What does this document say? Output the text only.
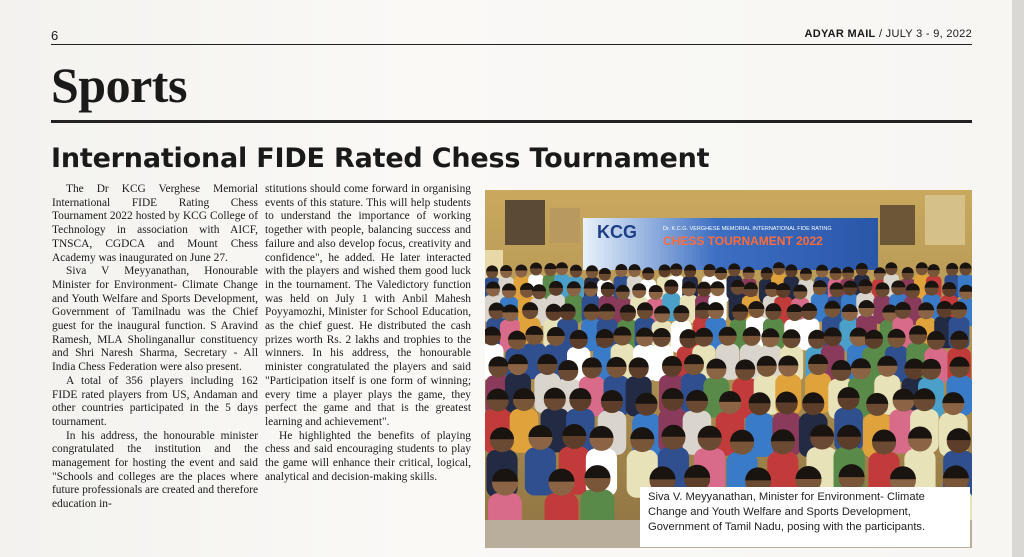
6	ADYAR MAIL / JULY 3 - 9, 2022
Sports
International FIDE Rated Chess Tournament

The Dr KCG Verghese Memorial International FIDE Rating Chess Tournament 2022 hosted by KCG College of Technology in association with AICF, TNSCA, CGDCA and Mount Chess Academy was inaugurated on June 27.

Siva V Meyyanathan, Honourable Minister for Environment- Climate Change and Youth Welfare and Sports Development, Government of Tamilnadu was the Chief guest for the inaugural function. S Aravind Ramesh, MLA Sholinganallur constituency and Shri Naresh Sharma, Secretary - All India Chess Federation were also present.

A total of 356 players including 162 FIDE rated players from US, Andaman and other countries participated in the 5 days tournament.

In his address, the honourable minister congratulated the institution and the management for hosting the event and said "Schools and colleges are the places where future professionals are created and therefore education in-

stitutions should come forward in organising events of this stature. This will help students to understand the importance of working together with people, balancing success and failure and also develop focus, creativity and confidence", he added. He later interacted with the players and wished them good luck in the tournament. The Valedictory function was held on July 1 with Anbil Mahesh Poyyamozhi, Minister for School Education, as the chief guest. He distributed the cash prizes worth Rs. 2 lakhs and trophies to the winners. In his address, the honourable minister congratulated the players and said "Participation itself is one form of winning; every time a player plays the game, they perfect the game and that is the greatest learning and achievement".

He highlighted the benefits of playing chess and said encouraging students to play the game will enhance their critical, logical, analytical and decision-making skills.

KCG	Dr. K.C.G. VERGHESE MEMORIAL INTERNATIONAL FIDE RATING
CHESS TOURNAMENT 2022
Siva V. Meyyanathan, Minister for Environment- Climate Change and Youth Welfare and Sports Development, Government of Tamil Nadu, posing with the participants.
